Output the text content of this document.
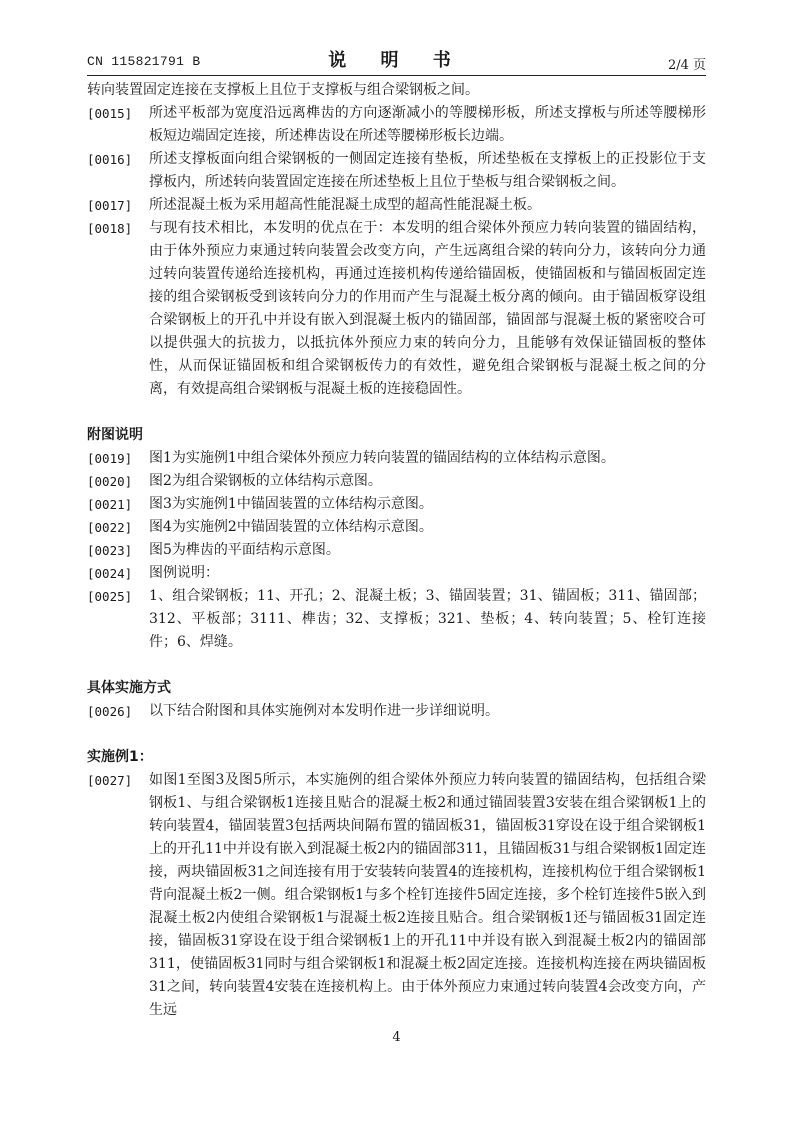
CN 115821791 B	说 明 书	2/4 页
转向装置固定连接在支撑板上且位于支撑板与组合梁钢板之间。
[0015]	所述平板部为宽度沿远离榫齿的方向逐渐减小的等腰梯形板，所述支撑板与所述等腰梯形板短边端固定连接，所述榫齿设在所述等腰梯形板长边端。
[0016]	所述支撑板面向组合梁钢板的一侧固定连接有垫板，所述垫板在支撑板上的正投影位于支撑板内，所述转向装置固定连接在所述垫板上且位于垫板与组合梁钢板之间。
[0017]	所述混凝土板为采用超高性能混凝土成型的超高性能混凝土板。
[0018]	与现有技术相比，本发明的优点在于：本发明的组合梁体外预应力转向装置的锚固结构，由于体外预应力束通过转向装置会改变方向，产生远离组合梁的转向分力，该转向分力通过转向装置传递给连接机构，再通过连接机构传递给锚固板，使锚固板和与锚固板固定连接的组合梁钢板受到该转向分力的作用而产生与混凝土板分离的倾向。由于锚固板穿设组合梁钢板上的开孔中并设有嵌入到混凝土板内的锚固部，锚固部与混凝土板的紧密咬合可以提供强大的抗拔力，以抵抗体外预应力束的转向分力，且能够有效保证锚固板的整体性，从而保证锚固板和组合梁钢板传力的有效性，避免组合梁钢板与混凝土板之间的分离，有效提高组合梁钢板与混凝土板的连接稳固性。
附图说明
[0019]	图1为实施例1中组合梁体外预应力转向装置的锚固结构的立体结构示意图。
[0020]	图2为组合梁钢板的立体结构示意图。
[0021]	图3为实施例1中锚固装置的立体结构示意图。
[0022]	图4为实施例2中锚固装置的立体结构示意图。
[0023]	图5为榫齿的平面结构示意图。
[0024]	图例说明：
[0025]	1、组合梁钢板；11、开孔；2、混凝土板；3、锚固装置；31、锚固板；311、锚固部；312、平板部；3111、榫齿；32、支撑板；321、垫板；4、转向装置；5、栓钉连接件；6、焊缝。
具体实施方式
[0026]	以下结合附图和具体实施例对本发明作进一步详细说明。
实施例1：
[0027]	如图1至图3及图5所示，本实施例的组合梁体外预应力转向装置的锚固结构，包括组合梁钢板1、与组合梁钢板1连接且贴合的混凝土板2和通过锚固装置3安装在组合梁钢板1上的转向装置4，锚固装置3包括两块间隔布置的锚固板31，锚固板31穿设在设于组合梁钢板1上的开孔11中并设有嵌入到混凝土板2内的锚固部311，且锚固板31与组合梁钢板1固定连接，两块锚固板31之间连接有用于安装转向装置4的连接机构，连接机构位于组合梁钢板1背向混凝土板2一侧。组合梁钢板1与多个栓钉连接件5固定连接，多个栓钉连接件5嵌入到混凝土板2内使组合梁钢板1与混凝土板2连接且贴合。组合梁钢板1还与锚固板31固定连接，锚固板31穿设在设于组合梁钢板1上的开孔11中并设有嵌入到混凝土板2内的锚固部311，使锚固板31同时与组合梁钢板1和混凝土板2固定连接。连接机构连接在两块锚固板31之间，转向装置4安装在连接机构上。由于体外预应力束通过转向装置4会改变方向，产生远
4
